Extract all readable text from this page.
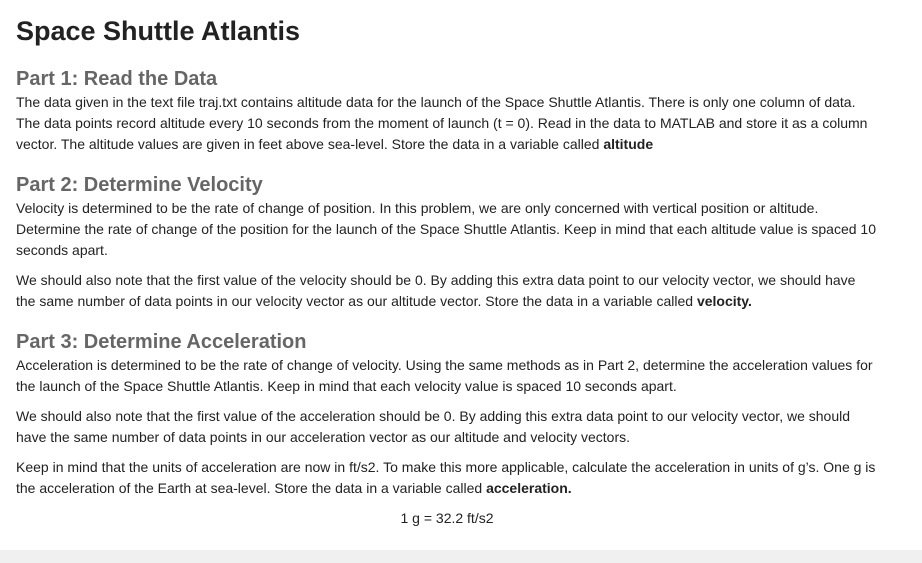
Space Shuttle Atlantis
Part 1: Read the Data

The data given in the text file traj.txt contains altitude data for the launch of the Space Shuttle Atlantis. There is only one column of data. The data points record altitude every 10 seconds from the moment of launch (t = 0). Read in the data to MATLAB and store it as a column vector. The altitude values are given in feet above sea-level. Store the data in a variable called altitude

Part 2: Determine Velocity

Velocity is determined to be the rate of change of position. In this problem, we are only concerned with vertical position or altitude. Determine the rate of change of the position for the launch of the Space Shuttle Atlantis. Keep in mind that each altitude value is spaced 10 seconds apart.

We should also note that the first value of the velocity should be 0. By adding this extra data point to our velocity vector, we should have the same number of data points in our velocity vector as our altitude vector. Store the data in a variable called velocity.

Part 3: Determine Acceleration

Acceleration is determined to be the rate of change of velocity. Using the same methods as in Part 2, determine the acceleration values for the launch of the Space Shuttle Atlantis. Keep in mind that each velocity value is spaced 10 seconds apart.

We should also note that the first value of the acceleration should be 0. By adding this extra data point to our velocity vector, we should have the same number of data points in our acceleration vector as our altitude and velocity vectors.

Keep in mind that the units of acceleration are now in ft/s2. To make this more applicable, calculate the acceleration in units of g’s. One g is the acceleration of the Earth at sea-level. Store the data in a variable called acceleration.

1 g = 32.2 ft/s2
